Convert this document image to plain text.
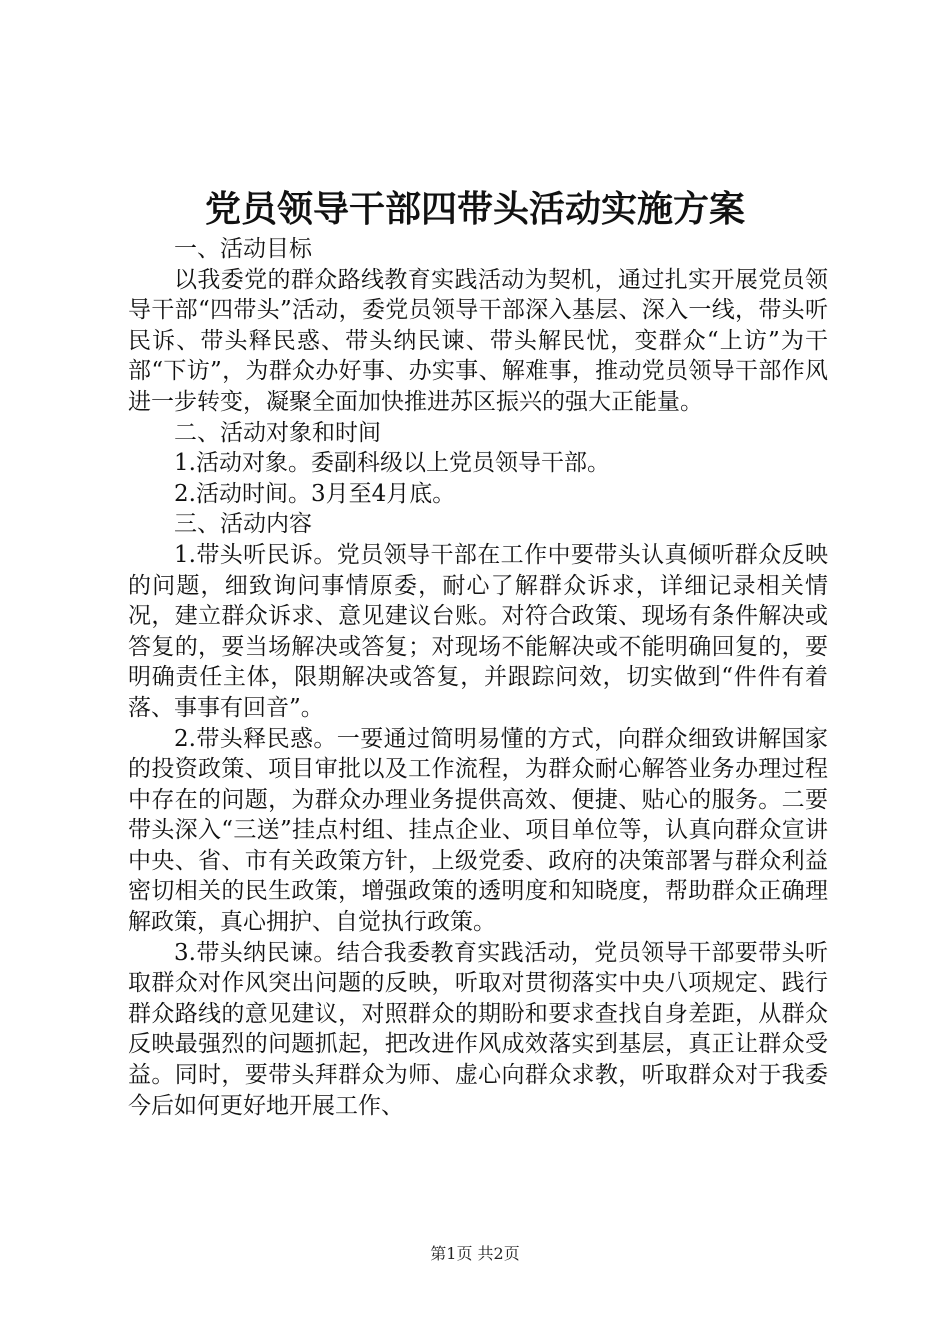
党员领导干部四带头活动实施方案

一、活动目标

以我委党的群众路线教育实践活动为契机，通过扎实开展党员领导干部“四带头”活动，委党员领导干部深入基层、深入一线，带头听民诉、带头释民惑、带头纳民谏、带头解民忧，变群众“上访”为干部“下访”，为群众办好事、办实事、解难事，推动党员领导干部作风进一步转变，凝聚全面加快推进苏区振兴的强大正能量。

二、活动对象和时间

1.活动对象。委副科级以上党员领导干部。

2.活动时间。3月至4月底。

三、活动内容

1.带头听民诉。党员领导干部在工作中要带头认真倾听群众反映的问题，细致询问事情原委，耐心了解群众诉求，详细记录相关情况，建立群众诉求、意见建议台账。对符合政策、现场有条件解决或答复的，要当场解决或答复；对现场不能解决或不能明确回复的，要明确责任主体，限期解决或答复，并跟踪问效，切实做到“件件有着落、事事有回音”。

2.带头释民惑。一要通过简明易懂的方式，向群众细致讲解国家的投资政策、项目审批以及工作流程，为群众耐心解答业务办理过程中存在的问题，为群众办理业务提供高效、便捷、贴心的服务。二要带头深入“三送”挂点村组、挂点企业、项目单位等，认真向群众宣讲中央、省、市有关政策方针，上级党委、政府的决策部署与群众利益密切相关的民生政策，增强政策的透明度和知晓度，帮助群众正确理解政策，真心拥护、自觉执行政策。

3.带头纳民谏。结合我委教育实践活动，党员领导干部要带头听取群众对作风突出问题的反映，听取对贯彻落实中央八项规定、践行群众路线的意见建议，对照群众的期盼和要求查找自身差距，从群众反映最强烈的问题抓起，把改进作风成效落实到基层，真正让群众受益。同时，要带头拜群众为师、虚心向群众求教，听取群众对于我委今后如何更好地开展工作、

第1页 共2页
